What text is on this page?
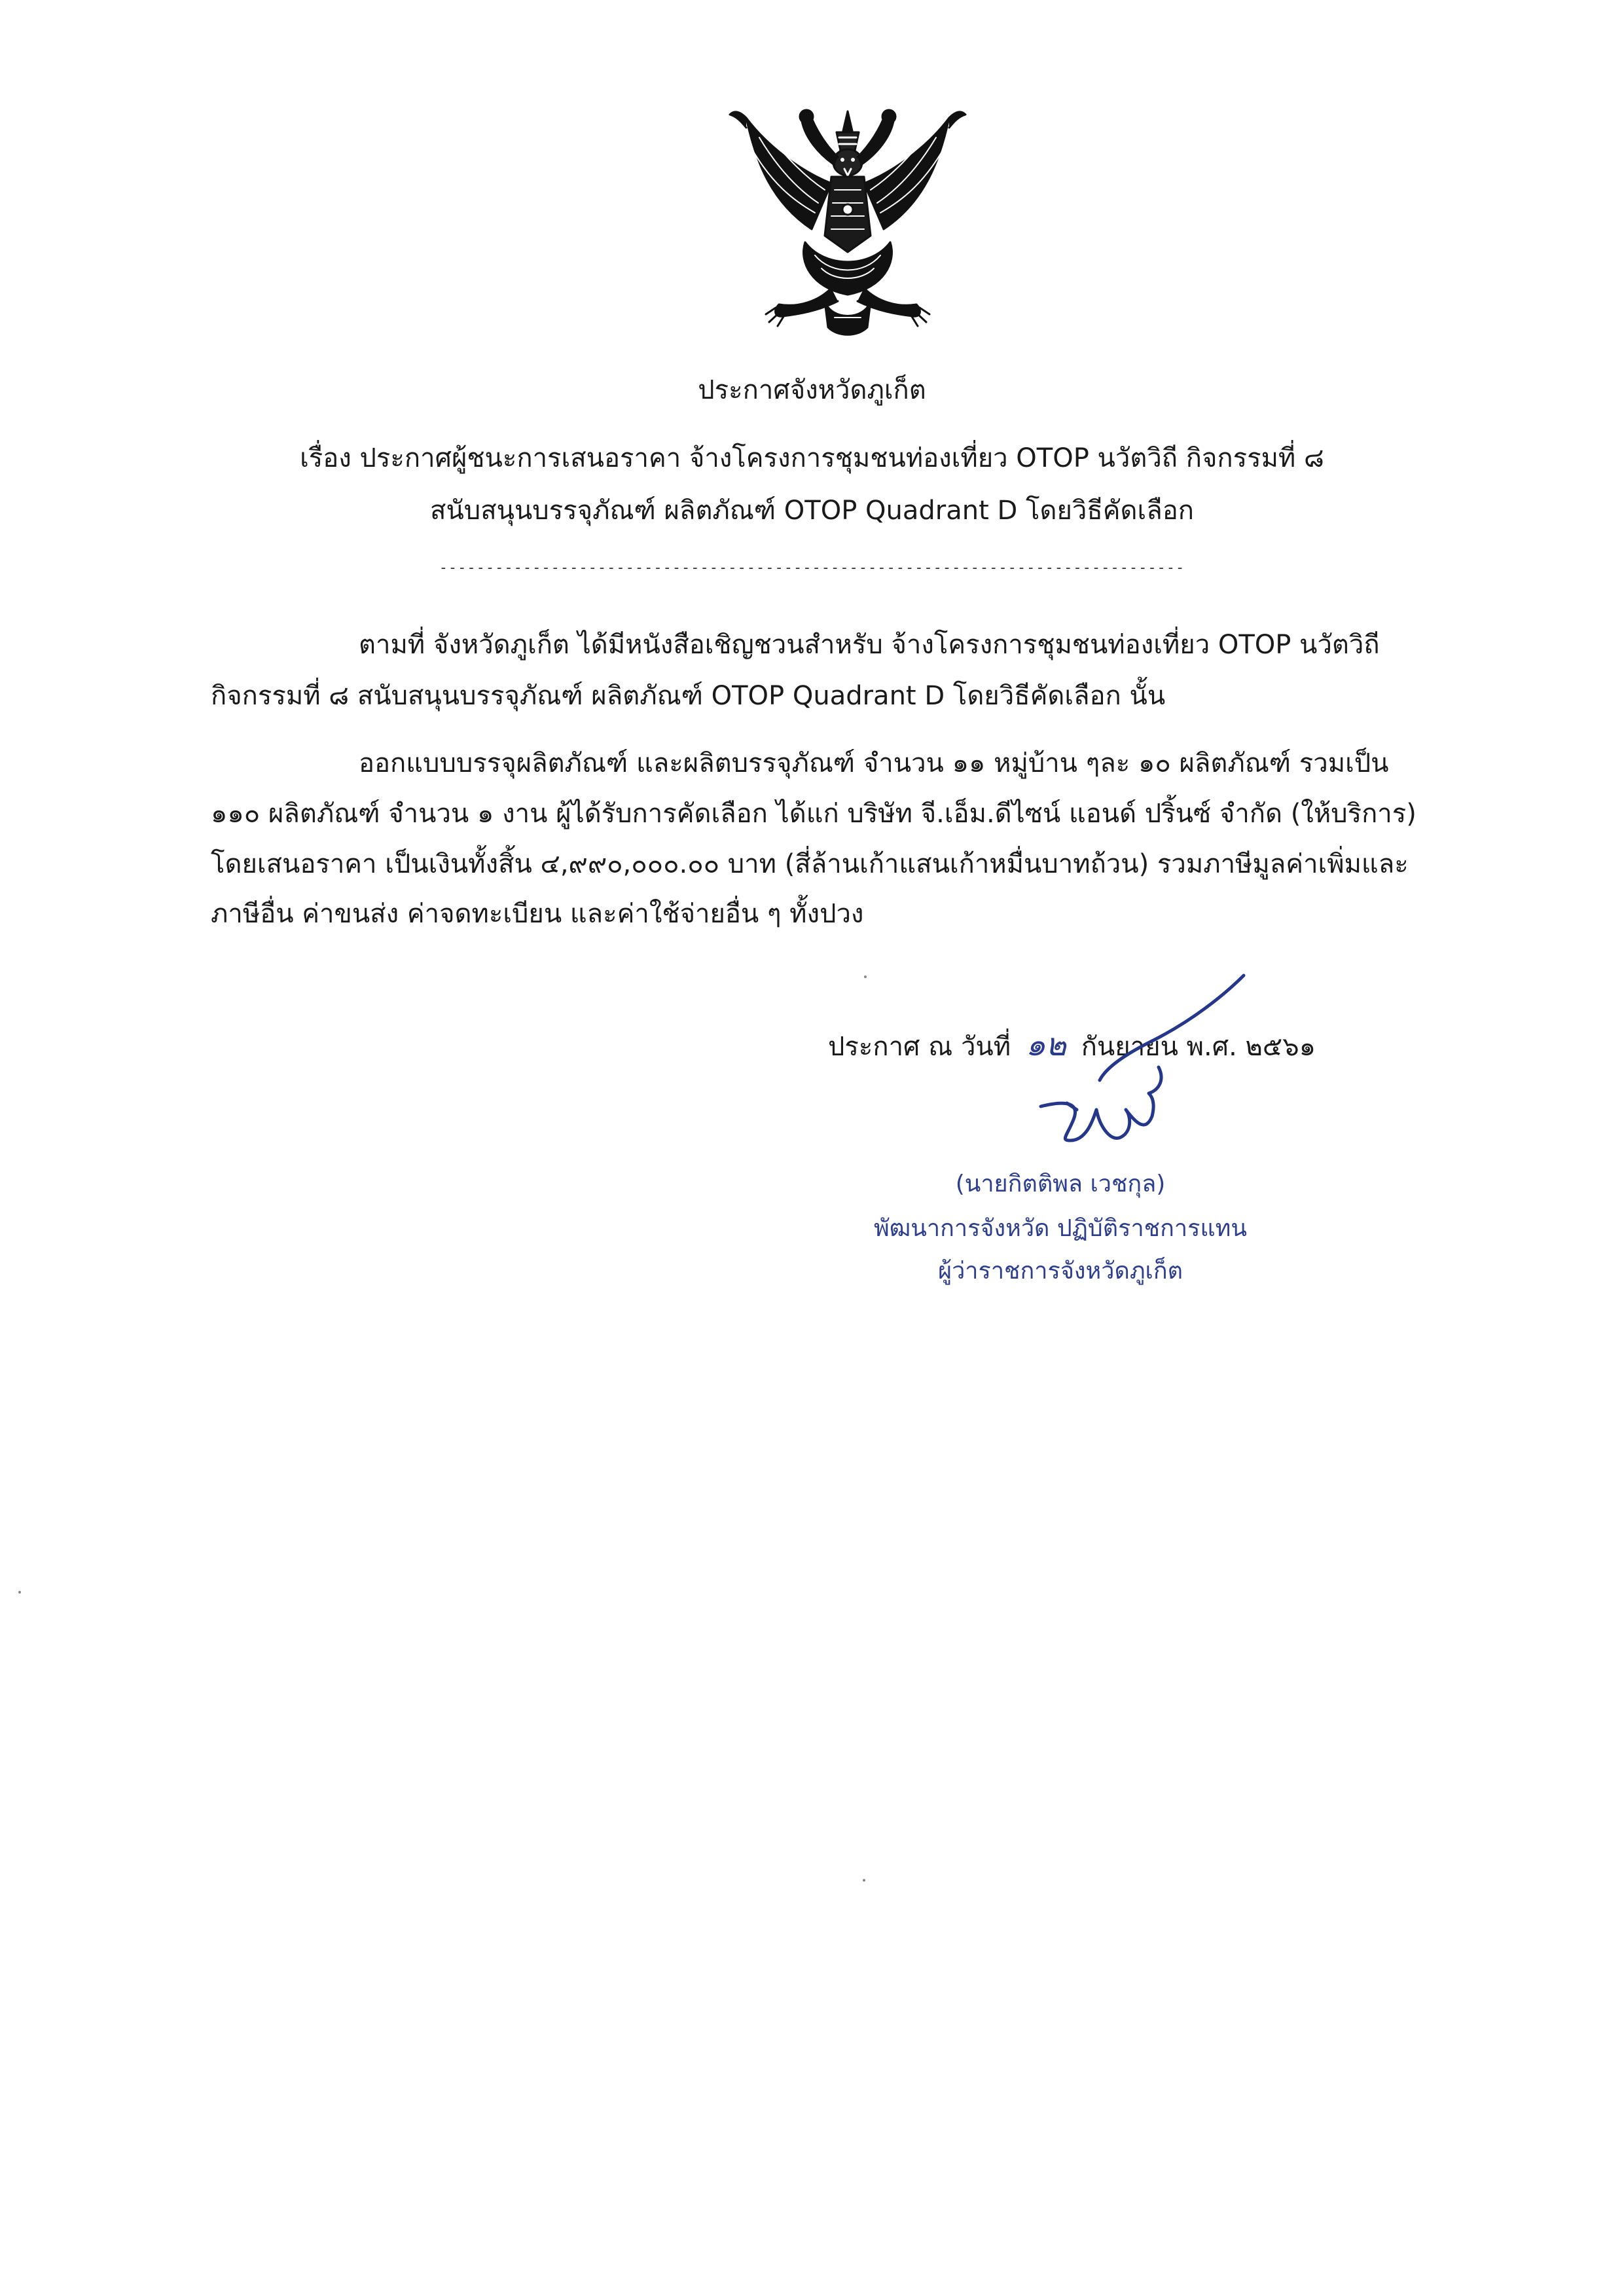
ประกาศจังหวัดภูเก็ต
เรื่อง ประกาศผู้ชนะการเสนอราคา จ้างโครงการชุมชนท่องเที่ยว OTOP นวัตวิถี กิจกรรมที่ ๘
สนับสนุนบรรจุภัณฑ์ ผลิตภัณฑ์ OTOP Quadrant D โดยวิธีคัดเลือก
--------------------------------------------------------------------------------
ตามที่ จังหวัดภูเก็ต ได้มีหนังสือเชิญชวนสำหรับ จ้างโครงการชุมชนท่องเที่ยว OTOP นวัตวิถี
กิจกรรมที่ ๘ สนับสนุนบรรจุภัณฑ์ ผลิตภัณฑ์ OTOP Quadrant D โดยวิธีคัดเลือก นั้น
ออกแบบบรรจุผลิตภัณฑ์ และผลิตบรรจุภัณฑ์ จำนวน ๑๑ หมู่บ้าน ๆละ ๑๐ ผลิตภัณฑ์ รวมเป็น
๑๑๐ ผลิตภัณฑ์ จำนวน ๑ งาน ผู้ได้รับการคัดเลือก ได้แก่ บริษัท จี.เอ็ม.ดีไซน์ แอนด์ ปริ้นซ์ จำกัด (ให้บริการ)
โดยเสนอราคา เป็นเงินทั้งสิ้น ๔,๙๙๐,๐๐๐.๐๐ บาท (สี่ล้านเก้าแสนเก้าหมื่นบาทถ้วน) รวมภาษีมูลค่าเพิ่มและ
ภาษีอื่น ค่าขนส่ง ค่าจดทะเบียน และค่าใช้จ่ายอื่น ๆ ทั้งปวง
ประกาศ ณ วันที่ ๑๒ กันยายน พ.ศ. ๒๕๖๑
(นายกิตติพล เวชกุล)
พัฒนาการจังหวัด ปฏิบัติราชการแทน
ผู้ว่าราชการจังหวัดภูเก็ต
